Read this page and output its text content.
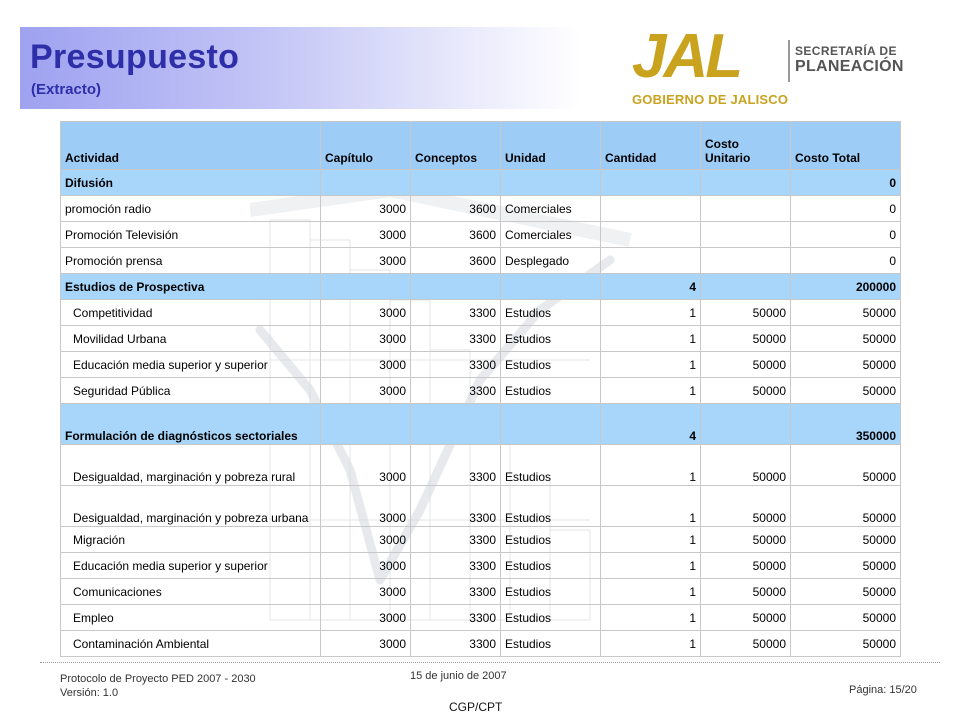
Presupuesto
(Extracto)	JAL
GOBIERNO DE JALISCO
SECRETARÍA DE
PLANEACIÓN
Actividad	Capítulo	Conceptos	Unidad	Cantidad	Costo Unitario	Costo Total
Difusión						0
promoción radio	3000	3600	Comerciales			0
Promoción Televisión	3000	3600	Comerciales			0
Promoción prensa	3000	3600	Desplegado			0
Estudios de Prospectiva				4		200000
Competitividad	3000	3300	Estudios	1	50000	50000
Movilidad Urbana	3000	3300	Estudios	1	50000	50000
Educación media superior y superior	3000	3300	Estudios	1	50000	50000
Seguridad Pública	3000	3300	Estudios	1	50000	50000
Formulación de diagnósticos sectoriales				4		350000
Desigualdad, marginación y pobreza rural	3000	3300	Estudios	1	50000	50000
Desigualdad, marginación y pobreza urbana	3000	3300	Estudios	1	50000	50000
Migración	3000	3300	Estudios	1	50000	50000
Educación media superior y superior	3000	3300	Estudios	1	50000	50000
Comunicaciones	3000	3300	Estudios	1	50000	50000
Empleo	3000	3300	Estudios	1	50000	50000
Contaminación Ambiental	3000	3300	Estudios	1	50000	50000
Protocolo de Proyecto PED 2007 - 2030
Versión: 1.0
15 de junio de 2007
Página: 15/20
CGP/CPT
